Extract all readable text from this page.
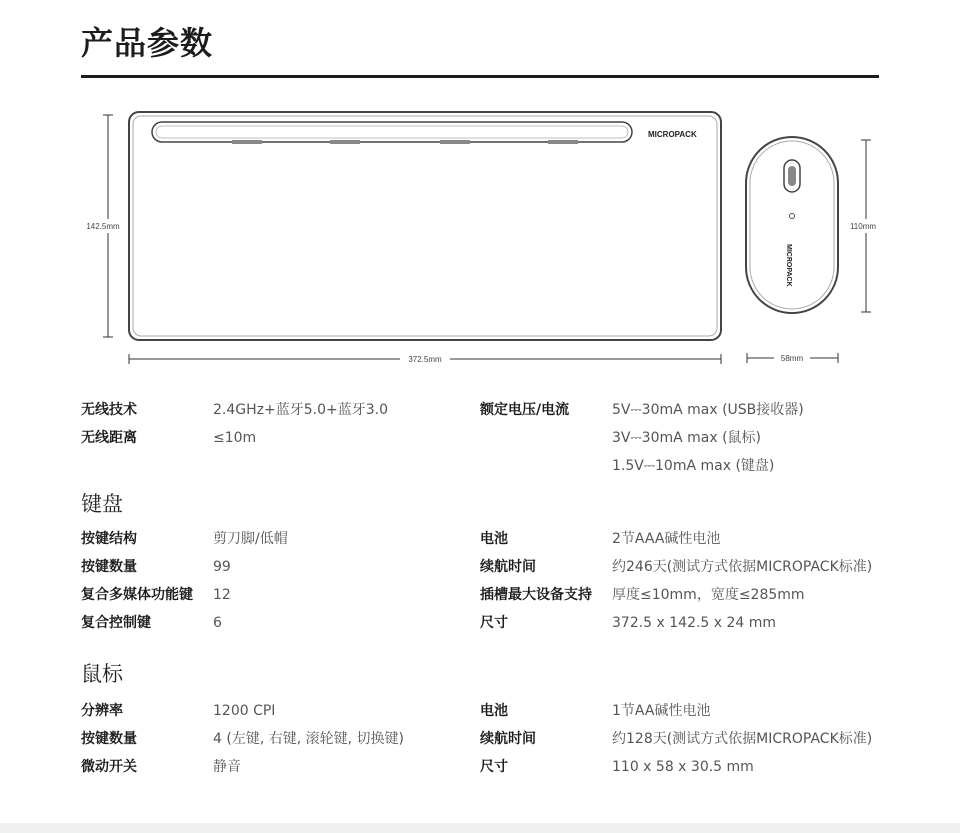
产品参数
MICROPACK
MICROPACK
142.5mm
372.5mm
110mm
58mm
键盘
鼠标
无线技术	2.4GHz+蓝牙5.0+蓝牙3.0
无线距离	≤10m
额定电压/电流	5V⎓30mA max (USB接收器)
3V⎓30mA max (鼠标)
1.5V⎓10mA max (键盘)
按键结构	剪刀脚/低帽	电池	2节AAA碱性电池
按键数量	99	续航时间	约246天(测试方式依据MICROPACK标准)
复合多媒体功能键 12	插槽最大设备支持 厚度≤10mm，宽度≤285mm
复合控制键	6	尺寸	372.5 x 142.5 x 24 mm
分辨率	1200 CPI	电池	1节AA碱性电池
按键数量	4 (左键, 右键, 滚轮键, 切换键)	续航时间	约128天(测试方式依据MICROPACK标准)
微动开关	静音	尺寸	110 x 58 x 30.5 mm
